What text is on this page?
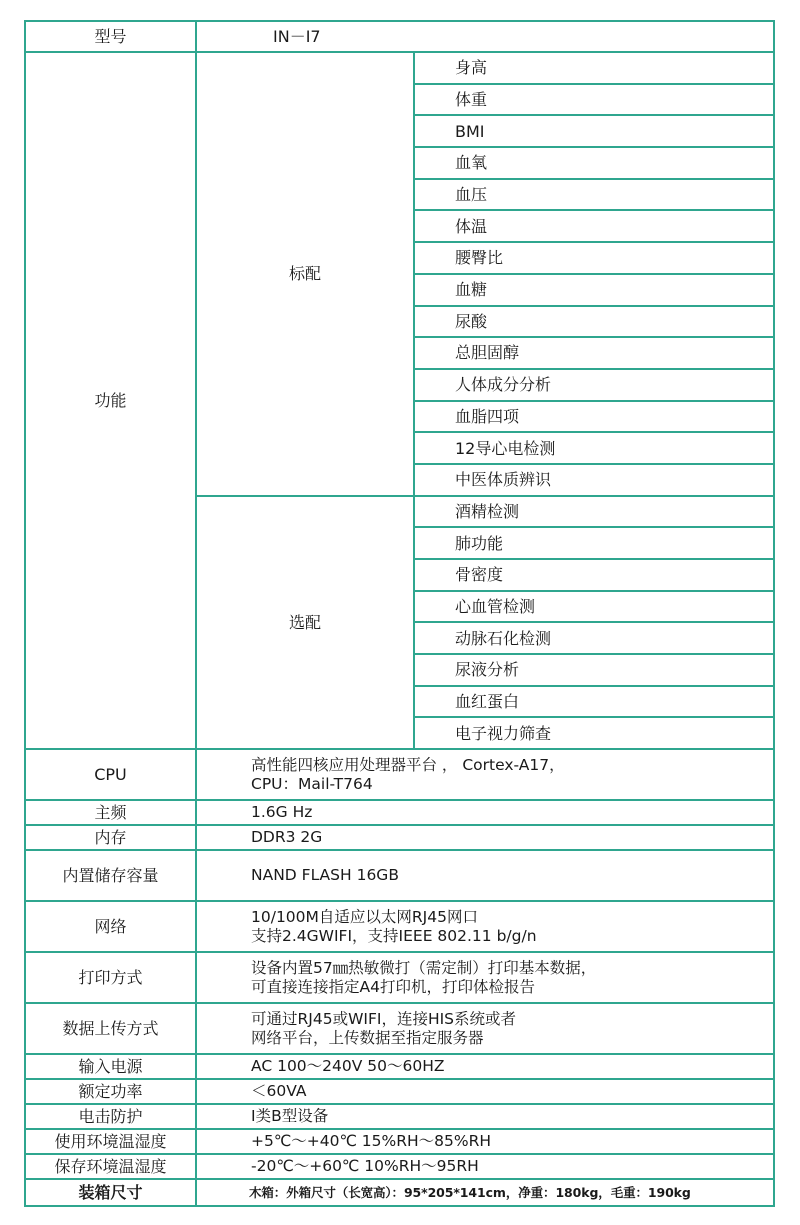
型号	IN－I7	
功能	标配	身高
		体重
		BMI
		血氧
		血压
		体温
		腰臀比
		血糖
		尿酸
		总胆固醇
		人体成分分析
		血脂四项
		12导心电检测
		中医体质辨识
	选配	酒精检测
		肺功能
		骨密度
		心血管检测
		动脉石化检测
		尿液分析
		血红蛋白
		电子视力筛查
CPU	高性能四核应用处理器平台 ， Cortex-A17，
CPU：Mail-T764	

主频	1.6G Hz	
内存	DDR3 2G	
内置储存容量	NAND FLASH 16GB	
网络	10/100M自适应以太网RJ45网口
支持2.4GWIFI，支持IEEE 802.11 b/g/n	

打印方式	设备内置57㎜热敏微打（需定制）打印基本数据，
可直接连接指定A4打印机，打印体检报告	

数据上传方式	可通过RJ45或WIFI，连接HIS系统或者
网络平台，上传数据至指定服务器	

输入电源	AC 100～240V 50～60HZ	
额定功率	＜60VA	
电击防护	I类B型设备	
使用环境温湿度	+5℃～+40℃ 15%RH～85%RH	
保存环境温湿度	-20℃～+60℃ 10%RH～95RH	
装箱尺寸	木箱：外箱尺寸（长宽高）：95*205*141cm，净重：180kg，毛重：190kg	
